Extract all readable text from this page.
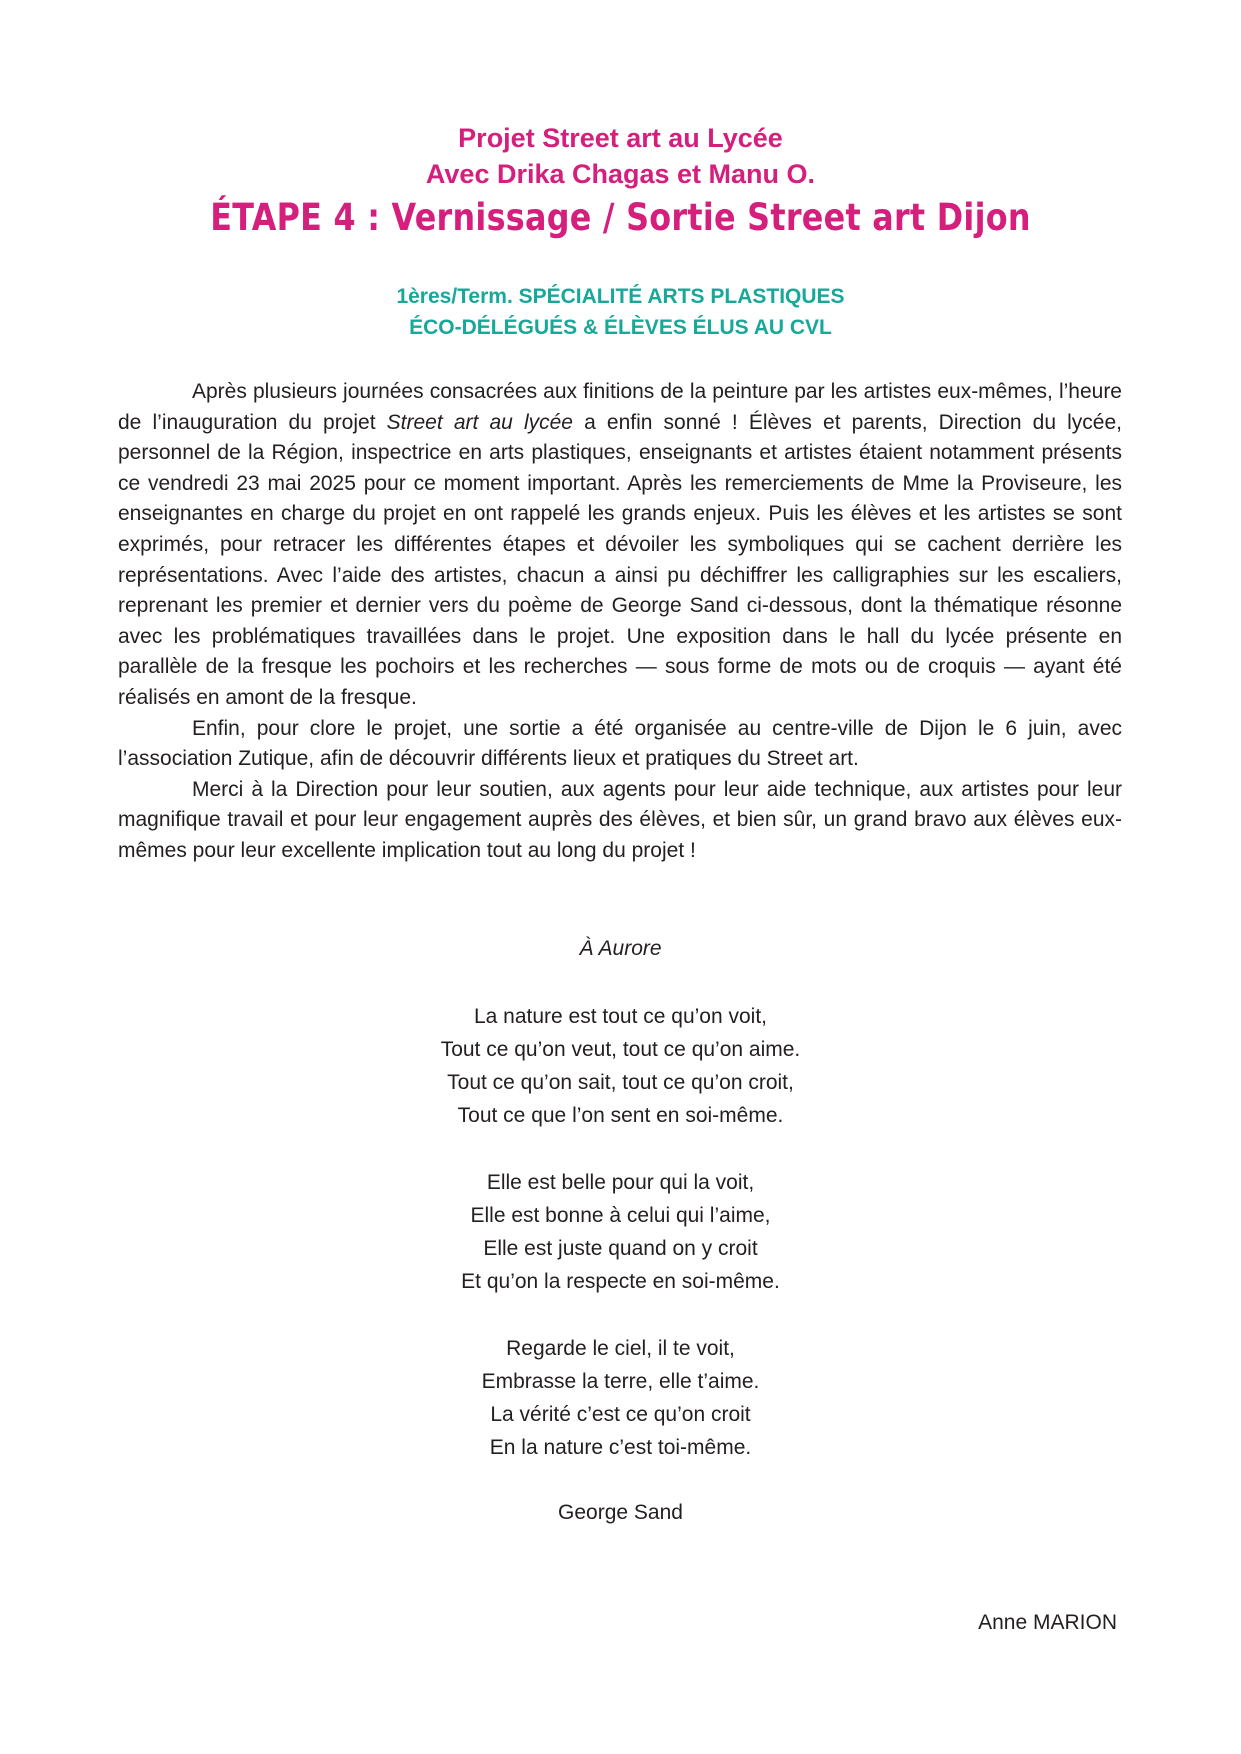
Projet Street art au Lycée
Avec Drika Chagas et Manu O.
ÉTAPE 4 : Vernissage / Sortie Street art Dijon
1ères/Term. SPÉCIALITÉ ARTS PLASTIQUES
ÉCO-DÉLÉGUÉS & ÉLÈVES ÉLUS AU CVL

Après plusieurs journées consacrées aux finitions de la peinture par les artistes eux-mêmes, l’heure de l’inauguration du projet Street art au lycée a enfin sonné ! Élèves et parents, Direction du lycée, personnel de la Région, inspectrice en arts plastiques, enseignants et artistes étaient notamment présents ce vendredi 23 mai 2025 pour ce moment important. Après les remerciements de Mme la Proviseure, les enseignantes en charge du projet en ont rappelé les grands enjeux. Puis les élèves et les artistes se sont exprimés, pour retracer les différentes étapes et dévoiler les symboliques qui se cachent derrière les représentations. Avec l’aide des artistes, chacun a ainsi pu déchiffrer les calligraphies sur les escaliers, reprenant les premier et dernier vers du poème de George Sand ci-dessous, dont la thématique résonne avec les problématiques travaillées dans le projet. Une exposition dans le hall du lycée présente en parallèle de la fresque les pochoirs et les recherches — sous forme de mots ou de croquis — ayant été réalisés en amont de la fresque.

Enfin, pour clore le projet, une sortie a été organisée au centre-ville de Dijon le 6 juin, avec l’association Zutique, afin de découvrir différents lieux et pratiques du Street art.

Merci à la Direction pour leur soutien, aux agents pour leur aide technique, aux artistes pour leur magnifique travail et pour leur engagement auprès des élèves, et bien sûr, un grand bravo aux élèves eux-mêmes pour leur excellente implication tout au long du projet !

À Aurore
La nature est tout ce qu’on voit,
Tout ce qu’on veut, tout ce qu’on aime.
Tout ce qu’on sait, tout ce qu’on croit,
Tout ce que l’on sent en soi-même.
Elle est belle pour qui la voit,
Elle est bonne à celui qui l’aime,
Elle est juste quand on y croit
Et qu’on la respecte en soi-même.
Regarde le ciel, il te voit,
Embrasse la terre, elle t’aime.
La vérité c’est ce qu’on croit
En la nature c’est toi-même.
George Sand
Anne MARION
